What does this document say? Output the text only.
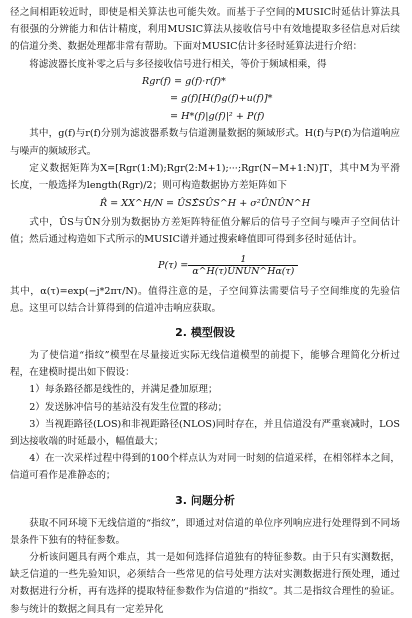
径之间相距较近时，即使是相关算法也可能失效。而基于子空间的MUSIC时延估计算法具有很强的分辨能力和估计精度，利用MUSIC算法从接收信号中有效地提取多径信息对后续的信道分类、数据处理都非常有帮助。下面对MUSIC估计多径时延算法进行介绍：

将滤波器长度补零之后与多径接收信号进行相关，等价于频域相乘，得

Rgr(f) = g(f)·r(f)*

= g(f)[H(f)g(f)+u(f)]*

= H*(f)|g(f)|² + P(f)

其中，g(f)与r(f)分别为滤波器系数与信道测量数据的频域形式。H(f)与P(f)为信道响应与噪声的频域形式。

定义数据矩阵为X=[Rgr(1:M);Rgr(2:M+1);···;Rgr(N−M+1:N)]T，其中M为平滑长度，一般选择为length(Rgr)/2；则可构造数据协方差矩阵如下

R̂ = XX^H/N = ÛSΣ̂SÛS^H + σ²ÛNÛN^H

式中，ÛS与ÛN分别为数据协方差矩阵特征值分解后的信号子空间与噪声子空间估计值；然后通过构造如下式所示的MUSIC谱并通过搜索峰值即可得到多径时延估计。

$P(\tau) = \frac{1}{\text{α\textasciicircum{}H(τ)ÛNÛN\textasciicircum{}Hα(τ)}}$

其中，α(τ)=exp(−j*2πτ/N)。值得注意的是，子空间算法需要信号子空间维度的先验信息。这里可以结合计算得到的信道冲击响应获取。

2. 模型假设

为了使信道“指纹”模型在尽量接近实际无线信道模型的前提下，能够合理简化分析过程，在建模时提出如下假设：

1）每条路径都是线性的，并满足叠加原理；

2）发送脉冲信号的基站没有发生位置的移动；

3）当视距路径(LOS)和非视距路径(NLOS)同时存在，并且信道没有严重衰减时，LOS到达接收端的时延最小，幅值最大；

4）在一次采样过程中得到的100个样点认为对同一时刻的信道采样，在相邻样本之间，信道可看作是准静态的；

3. 问题分析

获取不同环境下无线信道的“指纹”，即通过对信道的单位序列响应进行处理得到不同场景条件下独有的特征参数。

分析该问题具有两个难点，其一是如何选择信道独有的特征参数。由于只有实测数据，缺乏信道的一些先验知识，必须结合一些常见的信号处理方法对实测数据进行预处理，通过对数据进行分析，再有选择的提取特征参数作为信道的“指纹”。其二是指纹合理性的验证。参与统计的数据之间具有一定差异化
